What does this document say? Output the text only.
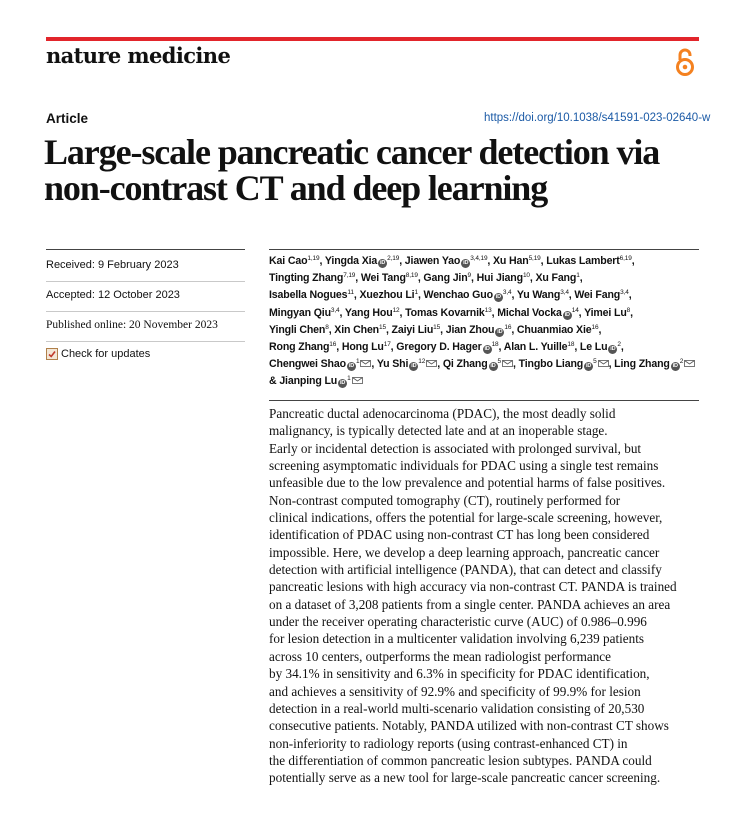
nature medicine
Article	https://doi.org/10.1038/s41591-023-02640-w
Large-scale pancreatic cancer detection via
non-contrast CT and deep learning
Received: 9 February 2023
Accepted: 12 October 2023
Published online: 20 November 2023
Check for updates
Kai Cao$^{1,19}$, Yingda Xia iD$^{2,19}$, Jiawen Yao iD$^{3,4,19}$, Xu Han$^{5,19}$, Lukas Lambert$^{6,19}$,
Tingting Zhang$^{7,19}$, Wei Tang$^{8,19}$, Gang Jin$^9$, Hui Jiang$^{10}$, Xu Fang$^1$,
Isabella Nogues$^{11}$, Xuezhou Li$^1$, Wenchao Guo iD$^{3,4}$, Yu Wang$^{3,4}$, Wei Fang$^{3,4}$,
Mingyan Qiu$^{3,4}$, Yang Hou$^{12}$, Tomas Kovarnik$^{13}$, Michal Vocka $iD^{14}$, Yimei Lu$^8$,
Yingli Chen$^8$, Xin Chen$^{15}$, Zaiyi Liu$^{15}$, Jian Zhou $iD^{16}$, Chuanmiao Xie$^{16}$,
Rong Zhang$^{16}$, Hong Lu$^{17}$, Gregory D. Hager $iD^{18}$, Alan L. Yuille$^{18}$, Le Lu $iD^2$,
Chengwei Shao $iD^1$ , Yu Shi $iD^{12}$ , Qi Zhang $iD^5$ , Tingbo Liang $iD^5$ , Ling Zhang $iD^2$ & Jianping Lu $iD^1$

Pancreatic ductal adenocarcinoma (PDAC), the most deadly solid
malignancy, is typically detected late and at an inoperable stage.
Early or incidental detection is associated with prolonged survival, but
screening asymptomatic individuals for PDAC using a single test remains
unfeasible due to the low prevalence and potential harms of false positives.
Non-contrast computed tomography (CT), routinely performed for
clinical indications, offers the potential for large-scale screening, however,
identification of PDAC using non-contrast CT has long been considered
impossible. Here, we develop a deep learning approach, pancreatic cancer
detection with artificial intelligence (PANDA), that can detect and classify
pancreatic lesions with high accuracy via non-contrast CT. PANDA is trained
on a dataset of 3,208 patients from a single center. PANDA achieves an area
under the receiver operating characteristic curve (AUC) of 0.986–0.996
for lesion detection in a multicenter validation involving 6,239 patients
across 10 centers, outperforms the mean radiologist performance
by 34.1% in sensitivity and 6.3% in specificity for PDAC identification,
and achieves a sensitivity of 92.9% and specificity of 99.9% for lesion
detection in a real-world multi-scenario validation consisting of 20,530
consecutive patients. Notably, PANDA utilized with non-contrast CT shows
non-inferiority to radiology reports (using contrast-enhanced CT) in
the differentiation of common pancreatic lesion subtypes. PANDA could
potentially serve as a new tool for large-scale pancreatic cancer screening.
